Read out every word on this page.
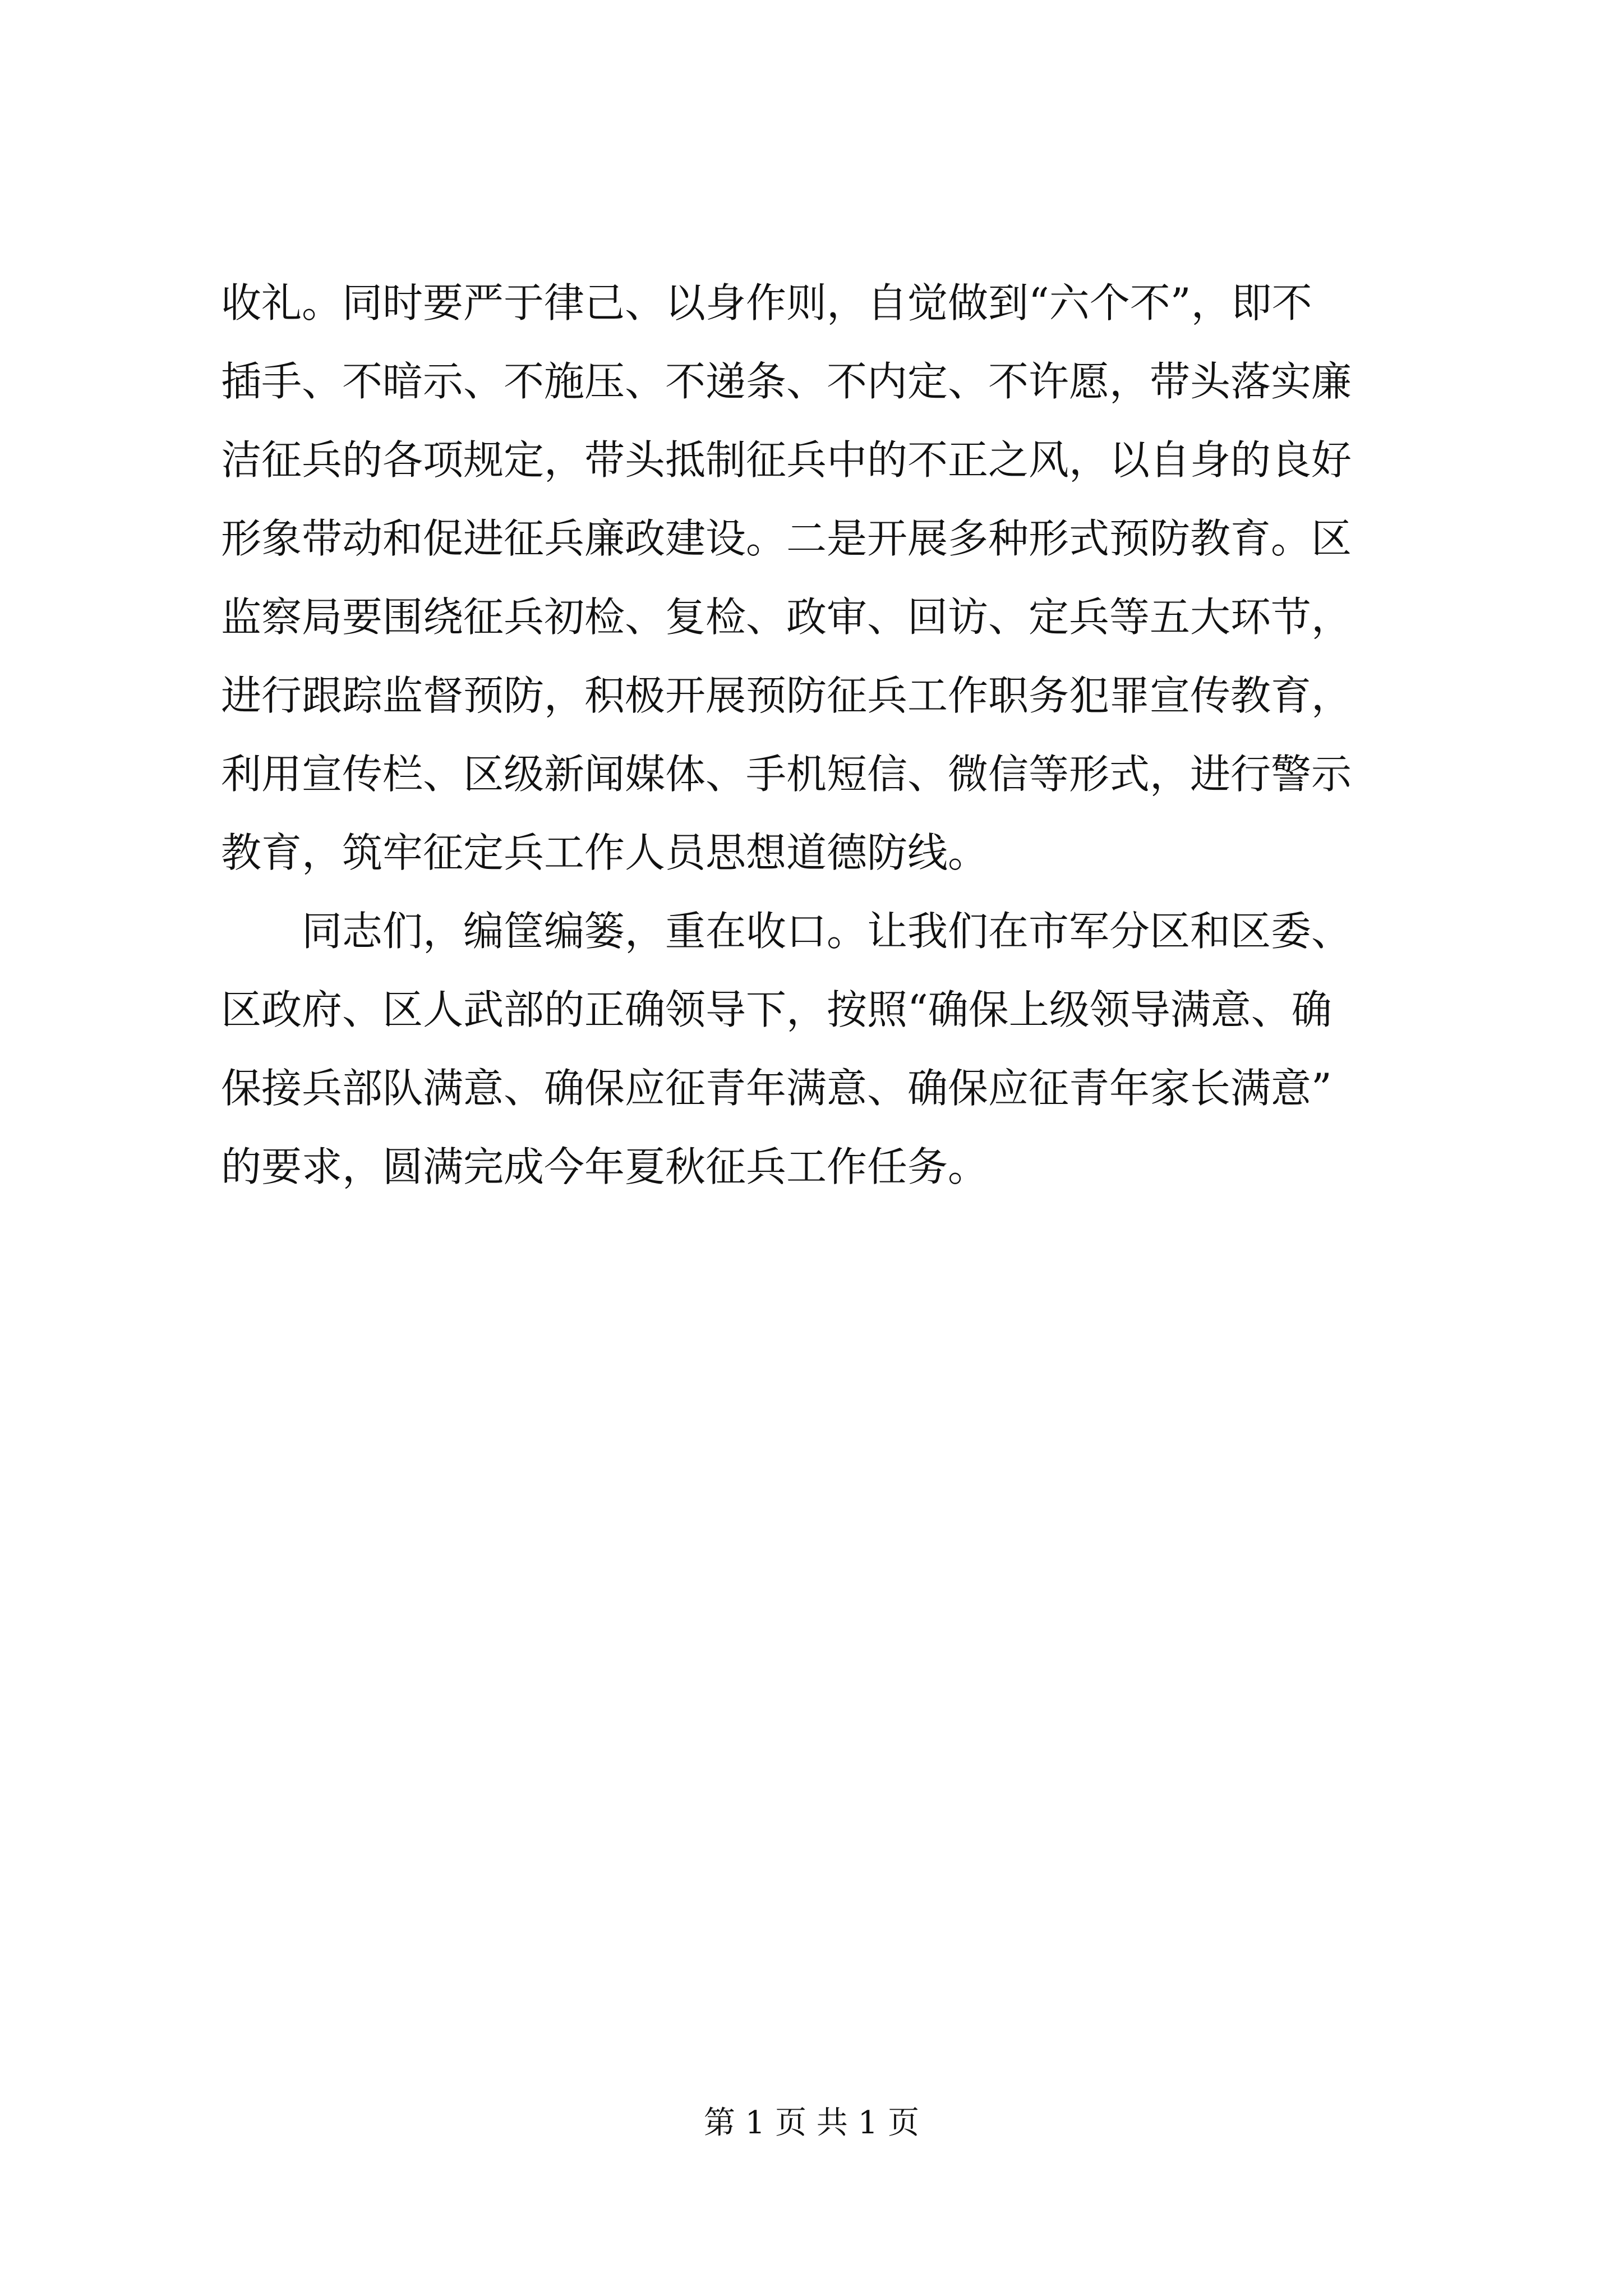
收礼。同时要严于律己、以身作则，自觉做到“六个不”，即不
插手、不暗示、不施压、不递条、不内定、不许愿，带头落实廉
洁征兵的各项规定，带头抵制征兵中的不正之风，以自身的良好
形象带动和促进征兵廉政建设。二是开展多种形式预防教育。区
监察局要围绕征兵初检、复检、政审、回访、定兵等五大环节，
进行跟踪监督预防，积极开展预防征兵工作职务犯罪宣传教育，
利用宣传栏、区级新闻媒体、手机短信、微信等形式，进行警示
教育，筑牢征定兵工作人员思想道德防线。
同志们，编筐编篓，重在收口。让我们在市军分区和区委、
区政府、区人武部的正确领导下，按照“确保上级领导满意、确
保接兵部队满意、确保应征青年满意、确保应征青年家长满意”
的要求，圆满完成今年夏秋征兵工作任务。
第 1 页 共 1 页
